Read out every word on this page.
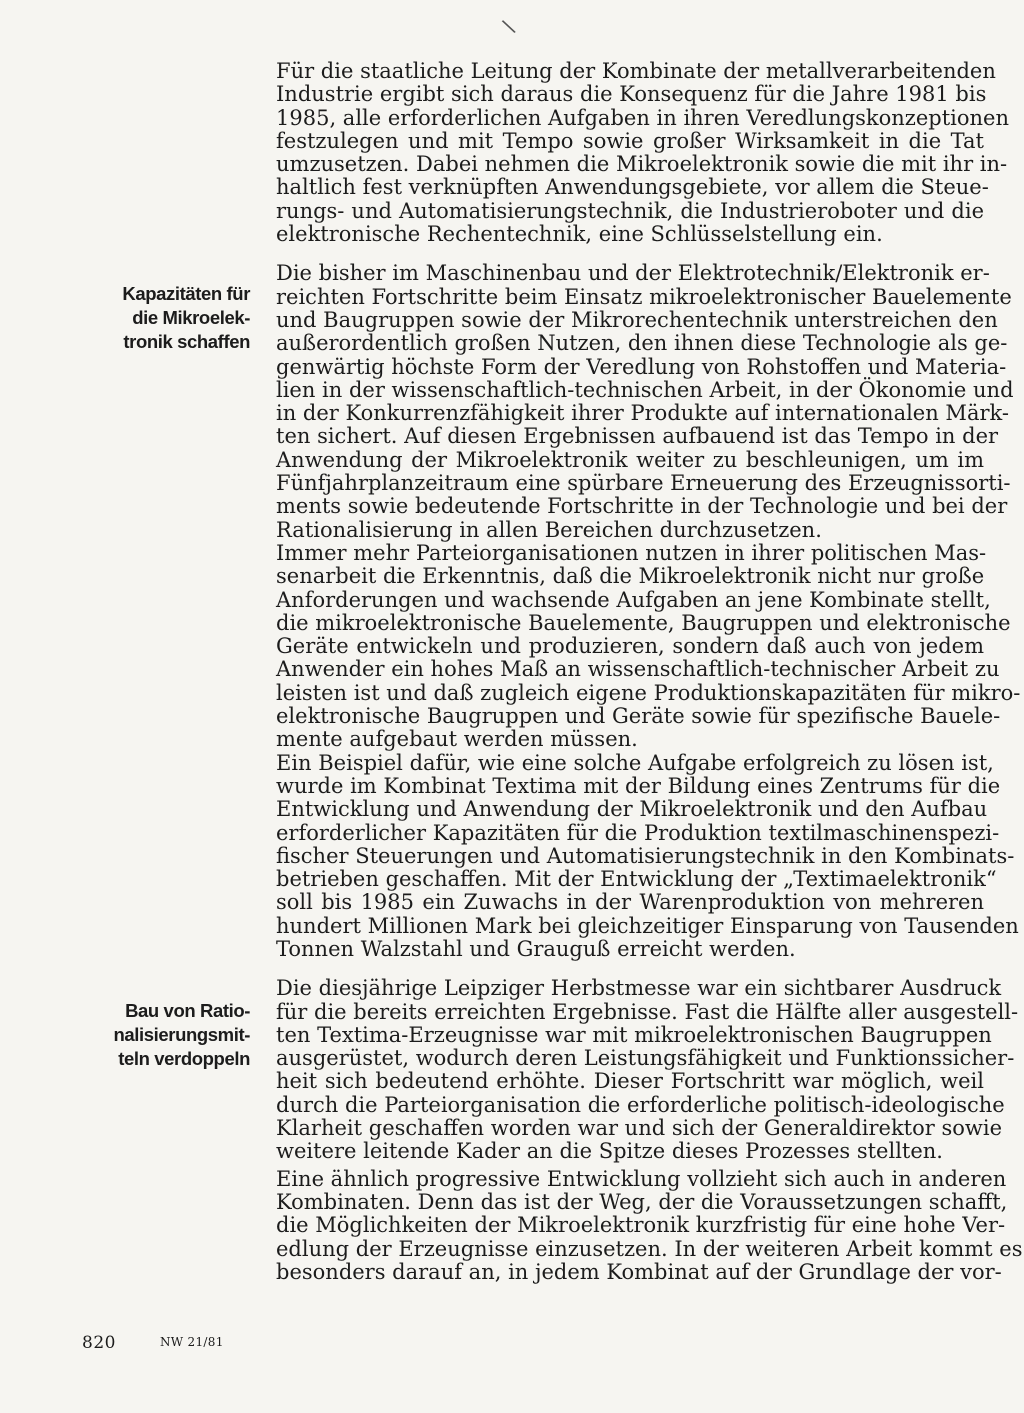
\

Für die staatliche Leitung der Kombinate der metallverarbeitenden
Industrie ergibt sich daraus die Konsequenz für die Jahre 1981 bis
1985, alle erforderlichen Aufgaben in ihren Veredlungskonzeptionen
festzulegen und mit Tempo sowie großer Wirksamkeit in die Tat
umzusetzen. Dabei nehmen die Mikroelektronik sowie die mit ihr in-
haltlich fest verknüpften Anwendungsgebiete, vor allem die Steue-
rungs- und Automatisierungstechnik, die Industrieroboter und die
elektronische Rechentechnik, eine Schlüsselstellung ein.

Die bisher im Maschinenbau und der Elektrotechnik/Elektronik er-
reichten Fortschritte beim Einsatz mikroelektronischer Bauelemente
und Baugruppen sowie der Mikrorechentechnik unterstreichen den
außerordentlich großen Nutzen, den ihnen diese Technologie als ge-
genwärtig höchste Form der Veredlung von Rohstoffen und Materia-
lien in der wissenschaftlich-technischen Arbeit, in der Ökonomie und
in der Konkurrenzfähigkeit ihrer Produkte auf internationalen Märk-
ten sichert. Auf diesen Ergebnissen aufbauend ist das Tempo in der
Anwendung der Mikroelektronik weiter zu beschleunigen, um im
Fünfjahrplanzeitraum eine spürbare Erneuerung des Erzeugnissorti-
ments sowie bedeutende Fortschritte in der Technologie und bei der
Rationalisierung in allen Bereichen durchzusetzen.

Immer mehr Parteiorganisationen nutzen in ihrer politischen Mas-
senarbeit die Erkenntnis, daß die Mikroelektronik nicht nur große
Anforderungen und wachsende Aufgaben an jene Kombinate stellt,
die mikroelektronische Bauelemente, Baugruppen und elektronische
Geräte entwickeln und produzieren, sondern daß auch von jedem
Anwender ein hohes Maß an wissenschaftlich-technischer Arbeit zu
leisten ist und daß zugleich eigene Produktionskapazitäten für mikro-
elektronische Baugruppen und Geräte sowie für spezifische Bauele-
mente aufgebaut werden müssen.

Ein Beispiel dafür, wie eine solche Aufgabe erfolgreich zu lösen ist,
wurde im Kombinat Textima mit der Bildung eines Zentrums für die
Entwicklung und Anwendung der Mikroelektronik und den Aufbau
erforderlicher Kapazitäten für die Produktion textilmaschinenspezi-
fischer Steuerungen und Automatisierungstechnik in den Kombinats-
betrieben geschaffen. Mit der Entwicklung der „Textimaelektronik“
soll bis 1985 ein Zuwachs in der Warenproduktion von mehreren
hundert Millionen Mark bei gleichzeitiger Einsparung von Tausenden
Tonnen Walzstahl und Grauguß erreicht werden.

Die diesjährige Leipziger Herbstmesse war ein sichtbarer Ausdruck
für die bereits erreichten Ergebnisse. Fast die Hälfte aller ausgestell-
ten Textima-Erzeugnisse war mit mikroelektronischen Baugruppen
ausgerüstet, wodurch deren Leistungsfähigkeit und Funktionssicher-
heit sich bedeutend erhöhte. Dieser Fortschritt war möglich, weil
durch die Parteiorganisation die erforderliche politisch-ideologische
Klarheit geschaffen worden war und sich der Generaldirektor sowie
weitere leitende Kader an die Spitze dieses Prozesses stellten.

Eine ähnlich progressive Entwicklung vollzieht sich auch in anderen
Kombinaten. Denn das ist der Weg, der die Voraussetzungen schafft,
die Möglichkeiten der Mikroelektronik kurzfristig für eine hohe Ver-
edlung der Erzeugnisse einzusetzen. In der weiteren Arbeit kommt es
besonders darauf an, in jedem Kombinat auf der Grundlage der vor-

Kapazitäten für
die Mikroelek-
tronik schaffen
Bau von Ratio-
nalisierungsmit-
teln verdoppeln
820	NW 21/81
